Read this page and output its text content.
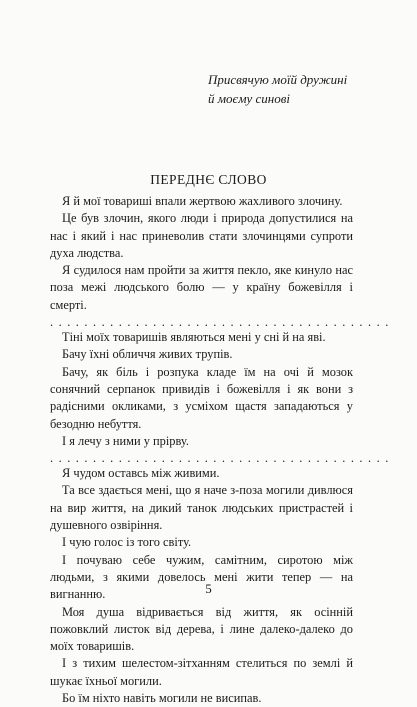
Присвячую моїй дружині
й моєму синові
ПЕРЕДНЄ СЛОВО

Я й мої товариші впали жертвою жахливого злочину.

Це був злочин, якого люди і природа допустилися на нас і який і нас приневолив стати злочинцями супроти духа людства.

Я судилося нам пройти за життя пекло, яке кинуло нас поза межі людського болю — у країну божевілля і смерті.

. . . . . . . . . . . . . . . . . . . . . . . . . . . . . . . . . . . . . . . .

Тіні моїх товаришів являються мені у сні й на яві.

Бачу їхні обличчя живих трупів.

Бачу, як біль і розпука кладе їм на очі й мозок сонячний серпанок привидів і божевілля і як вони з радісними окликами, з усміхом щастя западаються у безодню небуття.

І я лечу з ними у прірву.

. . . . . . . . . . . . . . . . . . . . . . . . . . . . . . . . . . . . . . . .

Я чудом оставсь між живими.

Та все здається мені, що я наче з-поза могили дивлюся на вир життя, на дикий танок людських пристрастей і душевного озвіріння.

І чую голос із того світу.

І почуваю себе чужим, самітним, сиротою між людьми, з якими довелось мені жити тепер — на вигнанню.

Моя душа відривається від життя, як осінній пожовклий листок від дерева, і лине далеко-далеко до моїх товаришів.

І з тихим шелестом-зітханням стелиться по землі й шукає їхньої могили.

Бо їм ніхто навіть могили не висипав.

5
